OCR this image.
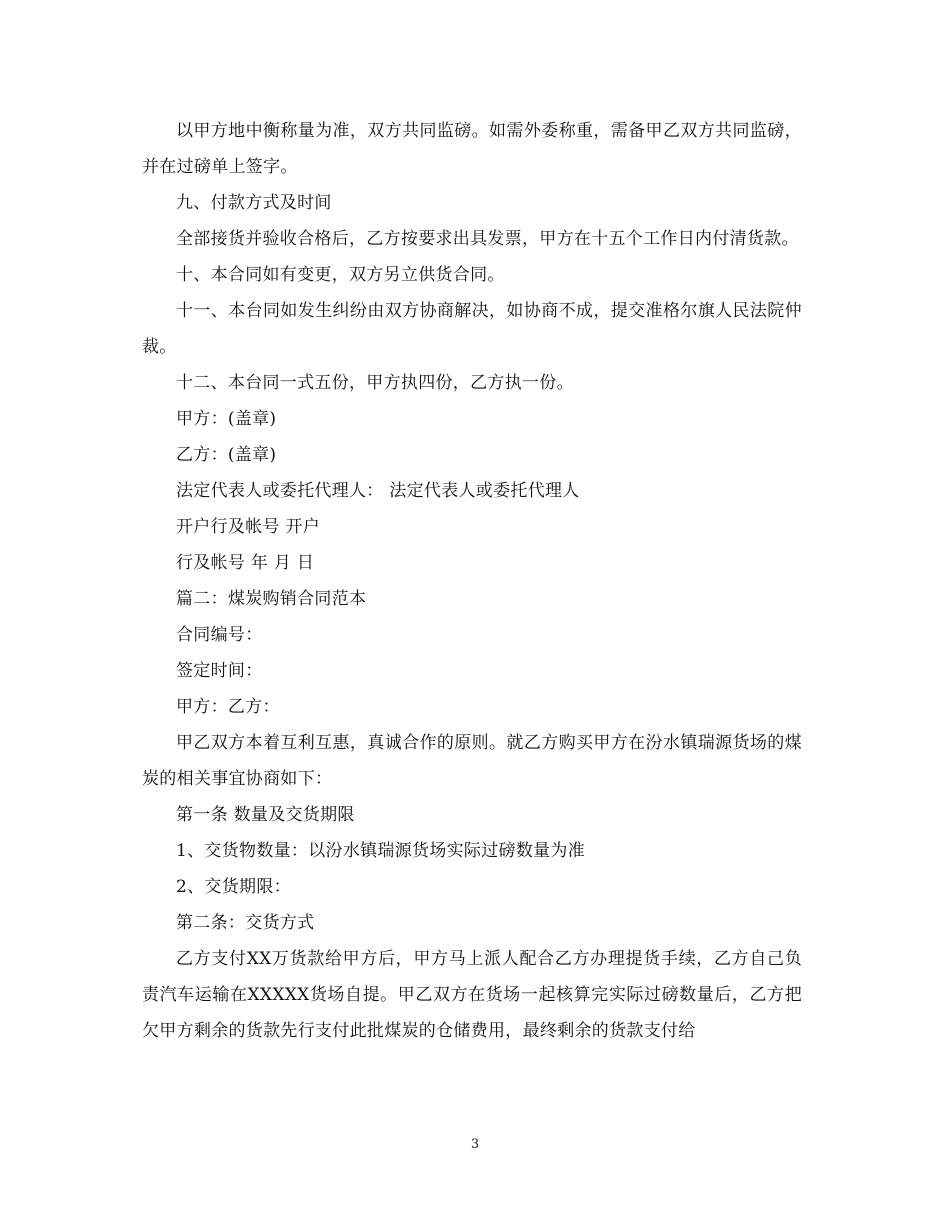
以甲方地中衡称量为准，双方共同监磅。如需外委称重，需备甲乙双方共同监磅，并在过磅单上签字。

九、付款方式及时间

全部接货并验收合格后，乙方按要求出具发票，甲方在十五个工作日内付清货款。

十、本合同如有变更，双方另立供货合同。

十一、本台同如发生纠纷由双方协商解决，如协商不成，提交准格尔旗人民法院仲裁。

十二、本台同一式五份，甲方执四份，乙方执一份。

甲方：(盖章)

乙方：(盖章)

法定代表人或委托代理人： 法定代表人或委托代理人

开户行及帐号 开户

行及帐号 年 月 日

篇二：煤炭购销合同范本

合同编号：

签定时间：

甲方：乙方：

甲乙双方本着互利互惠，真诚合作的原则。就乙方购买甲方在汾水镇瑞源货场的煤炭的相关事宜协商如下：

第一条 数量及交货期限

1、交货物数量：以汾水镇瑞源货场实际过磅数量为准

2、交货期限：

第二条：交货方式

乙方支付XX万货款给甲方后，甲方马上派人配合乙方办理提货手续，乙方自己负责汽车运输在XXXXX货场自提。甲乙双方在货场一起核算完实际过磅数量后，乙方把欠甲方剩余的货款先行支付此批煤炭的仓储费用，最终剩余的货款支付给

3
